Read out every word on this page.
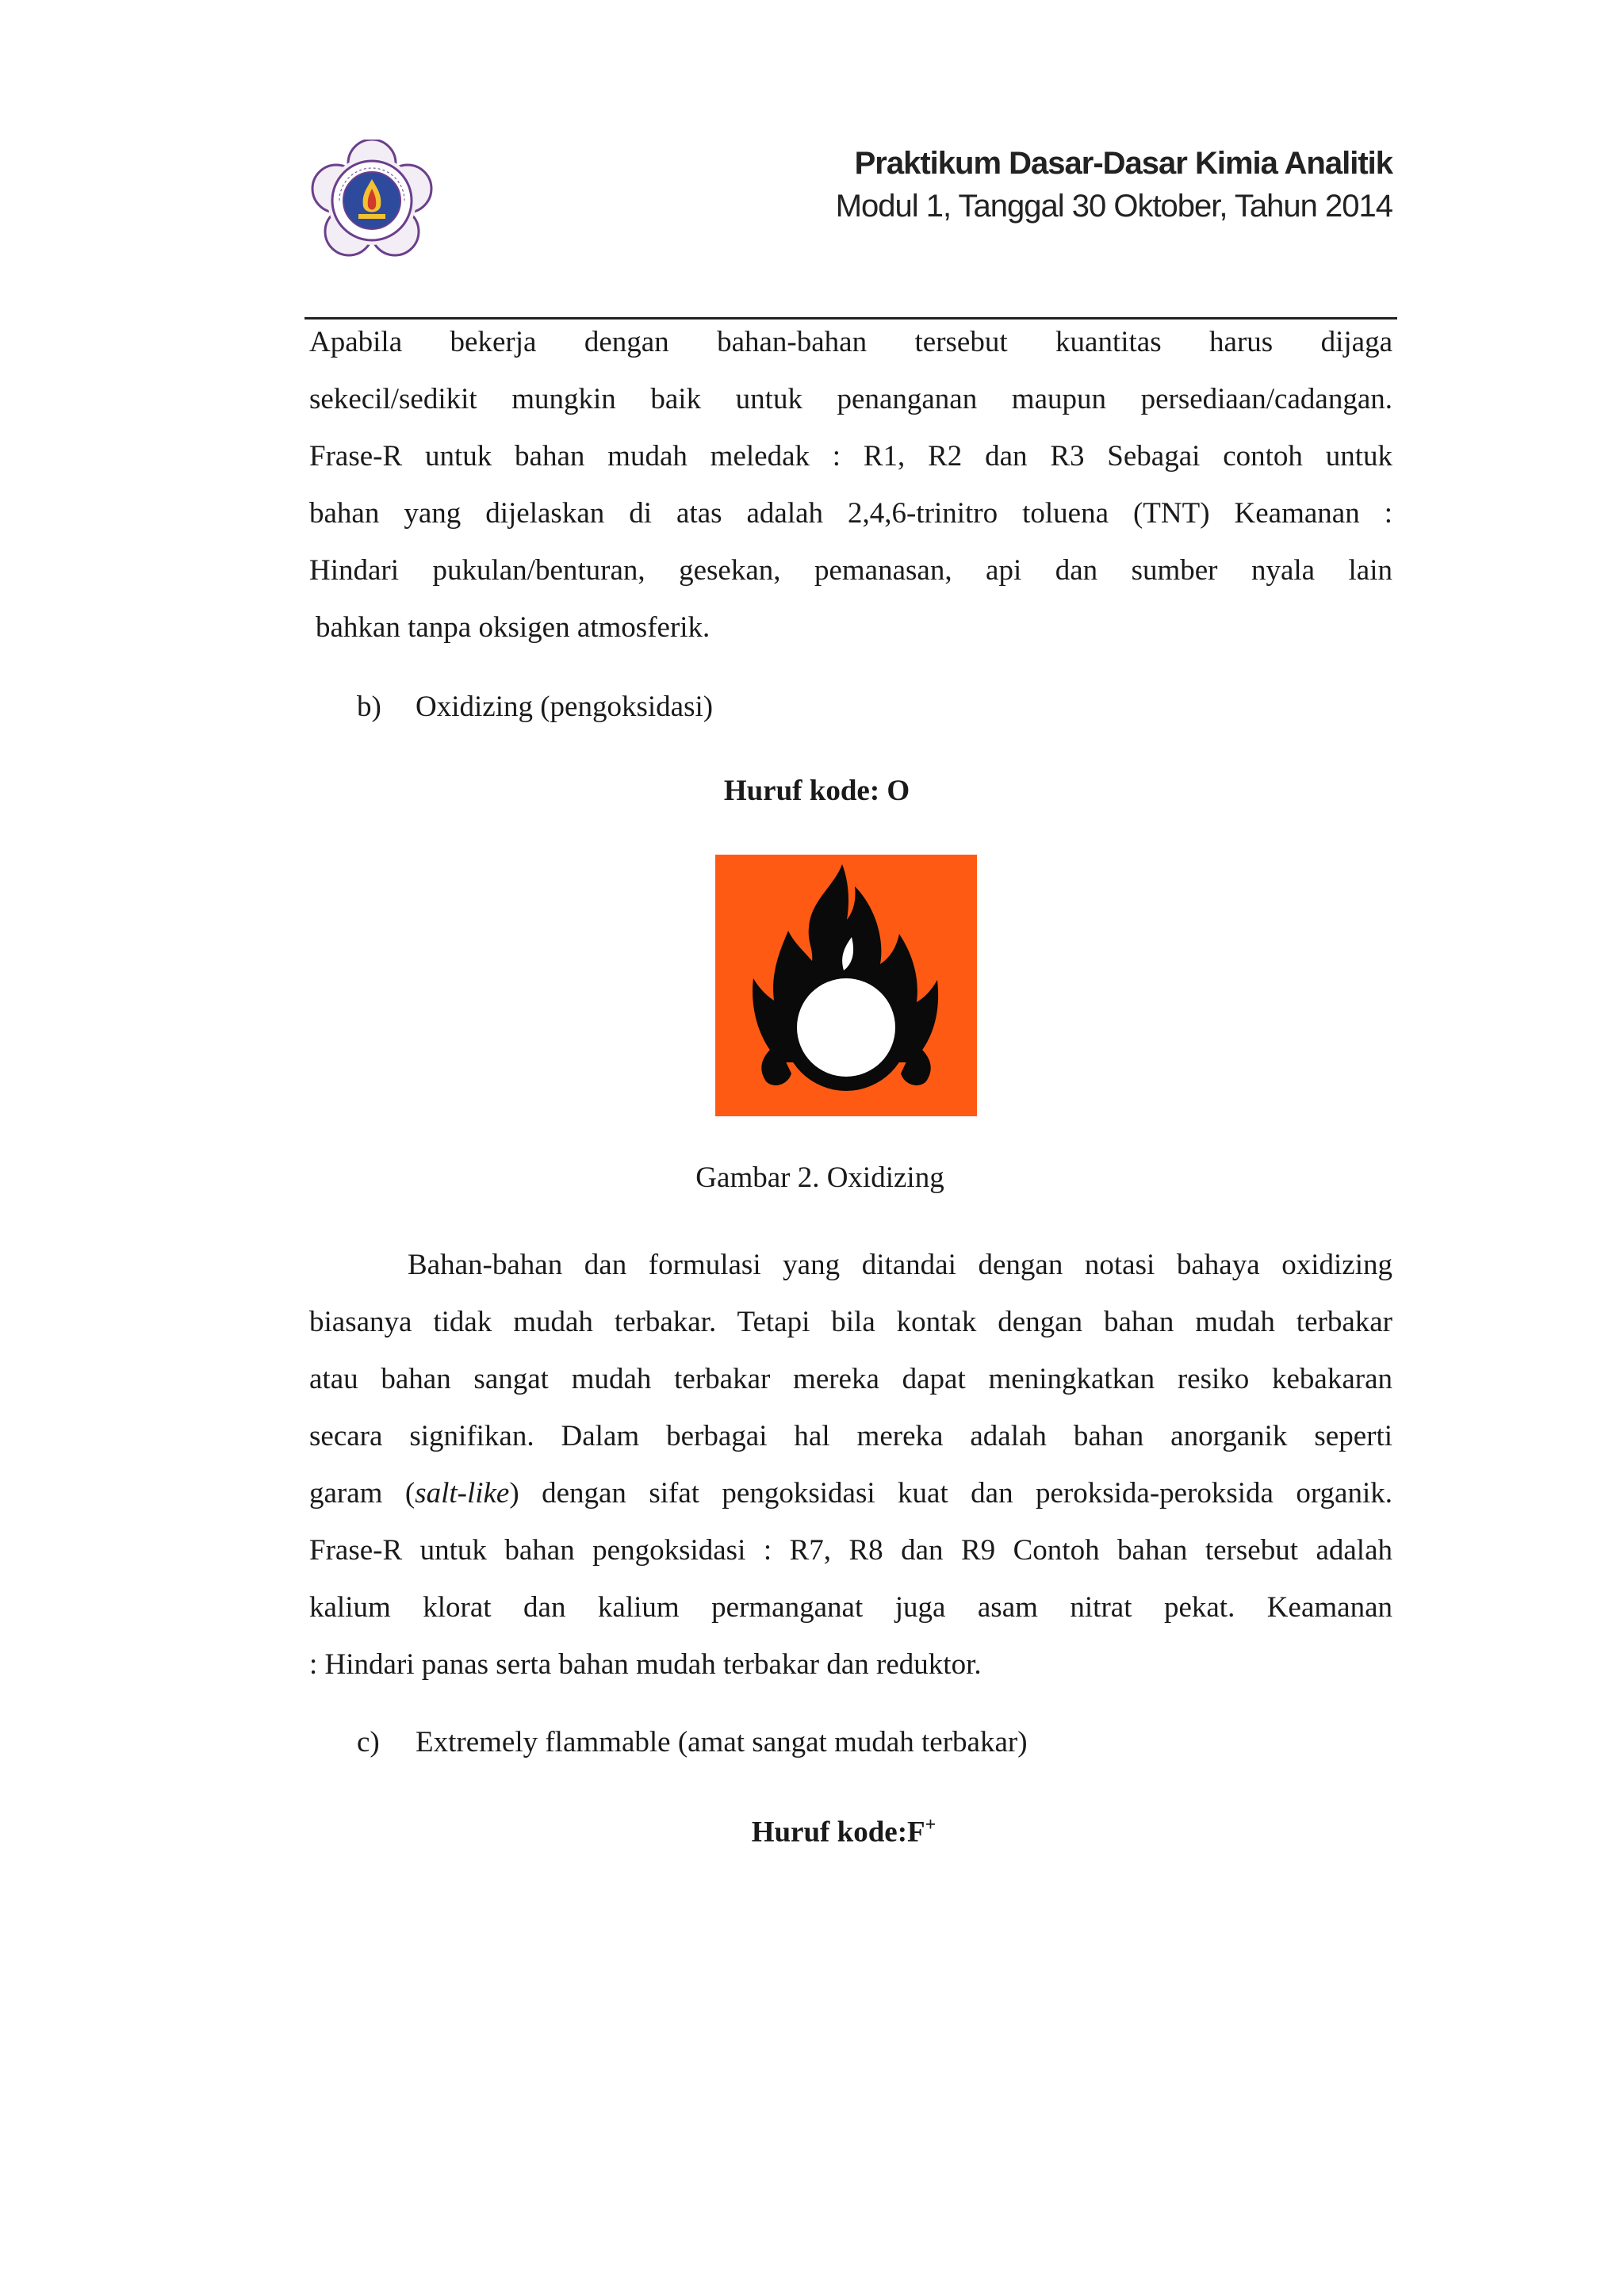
Praktikum Dasar-Dasar Kimia Analitik
Modul 1, Tanggal 30 Oktober, Tahun 2014
Apabila bekerja dengan bahan-bahan tersebut kuantitas harus dijaga
sekecil/sedikit mungkin baik untuk penanganan maupun persediaan/cadangan.
Frase-R untuk bahan mudah meledak : R1, R2 dan R3 Sebagai contoh untuk
bahan yang dijelaskan di atas adalah 2,4,6-trinitro toluena (TNT) Keamanan :
Hindari pukulan/benturan, gesekan, pemanasan, api dan sumber nyala lain
bahkan tanpa oksigen atmosferik.
b) Oxidizing (pengoksidasi)
Huruf kode: O
Gambar 2. Oxidizing
Bahan-bahan dan formulasi yang ditandai dengan notasi bahaya oxidizing
biasanya tidak mudah terbakar. Tetapi bila kontak dengan bahan mudah terbakar
atau bahan sangat mudah terbakar mereka dapat meningkatkan resiko kebakaran
secara signifikan. Dalam berbagai hal mereka adalah bahan anorganik seperti
garam (salt-like) dengan sifat pengoksidasi kuat dan peroksida-peroksida organik.
Frase-R untuk bahan pengoksidasi : R7, R8 dan R9 Contoh bahan tersebut adalah
kalium klorat dan kalium permanganat juga asam nitrat pekat. Keamanan
: Hindari panas serta bahan mudah terbakar dan reduktor.
c) Extremely flammable (amat sangat mudah terbakar)
Huruf kode:F+
